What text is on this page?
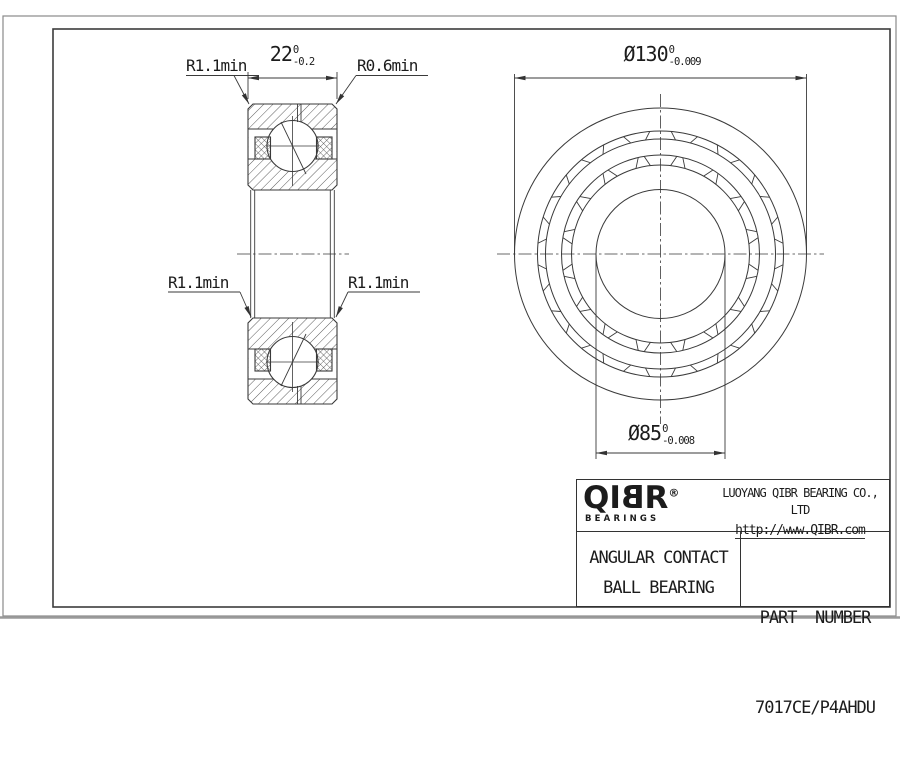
22 0
-0.2	Ø130 0
-0.009
Ø85 0
-0.008
R1.1min	R0.6min
R1.1min	R1.1min
QIBR®
BEARINGS
LUOYANG QIBR BEARING CO., LTD
http://www.QIBR.com
ANGULAR CONTACT
BALL BEARING

PART  NUMBER

7017CE/P4AHDU
